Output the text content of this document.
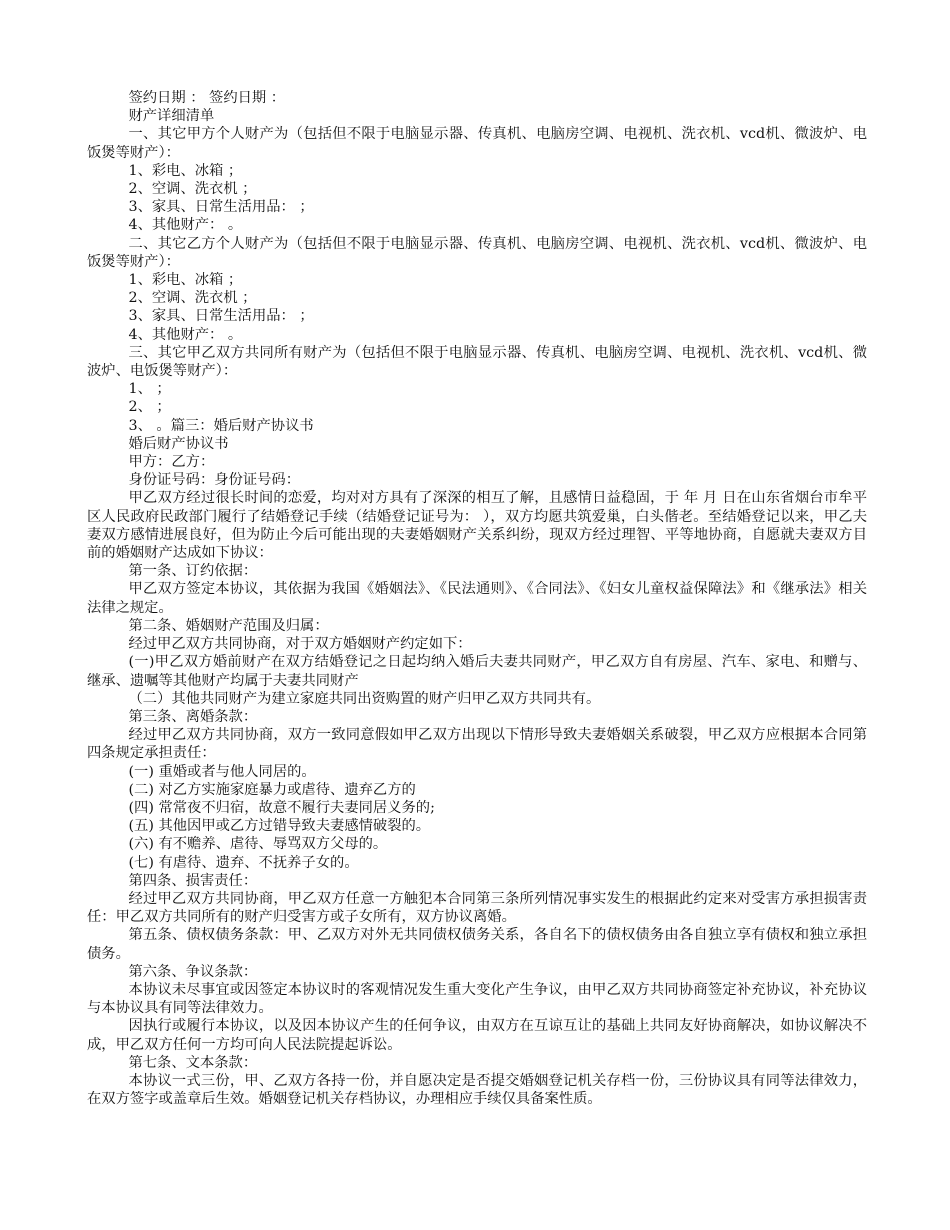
签约日期 ： 签约日期 ：

财产详细清单

一、其它甲方个人财产为（包括但不限于电脑显示器、传真机、电脑房空调、电视机、洗衣机、vcd机、微波炉、电饭煲等财产）：

1、彩电、冰箱 ；

2、空调、洗衣机 ；

3、家具、日常生活用品： ；

4、其他财产： 。

二、其它乙方个人财产为（包括但不限于电脑显示器、传真机、电脑房空调、电视机、洗衣机、vcd机、微波炉、电饭煲等财产）：

1、彩电、冰箱 ；

2、空调、洗衣机 ；

3、家具、日常生活用品： ；

4、其他财产： 。

三、其它甲乙双方共同所有财产为（包括但不限于电脑显示器、传真机、电脑房空调、电视机、洗衣机、vcd机、微波炉、电饭煲等财产）：

1、 ；

2、 ；

3、 。篇三：婚后财产协议书

婚后财产协议书

甲方：乙方：

身份证号码：身份证号码：

甲乙双方经过很长时间的恋爱，均对对方具有了深深的相互了解，且感情日益稳固，于 年 月 日在山东省烟台市牟平区人民政府民政部门履行了结婚登记手续（结婚登记证号为： ），双方均愿共筑爱巢，白头偕老。至结婚登记以来，甲乙夫妻双方感情进展良好，但为防止今后可能出现的夫妻婚姻财产关系纠纷，现双方经过理智、平等地协商，自愿就夫妻双方目前的婚姻财产达成如下协议：

第一条、订约依据：

甲乙双方签定本协议，其依据为我国《婚姻法》、《民法通则》、《合同法》、《妇女儿童权益保障法》和《继承法》相关法律之规定。

第二条、婚姻财产范围及归属：

经过甲乙双方共同协商，对于双方婚姻财产约定如下：

(一)甲乙双方婚前财产在双方结婚登记之日起均纳入婚后夫妻共同财产，甲乙双方自有房屋、汽车、家电、和赠与、继承、遗嘱等其他财产均属于夫妻共同财产

（二）其他共同财产为建立家庭共同出资购置的财产归甲乙双方共同共有。

第三条、离婚条款：

经过甲乙双方共同协商，双方一致同意假如甲乙双方出现以下情形导致夫妻婚姻关系破裂，甲乙双方应根据本合同第四条规定承担责任：

(一) 重婚或者与他人同居的。

(二) 对乙方实施家庭暴力或虐待、遗弃乙方的

(四) 常常夜不归宿，故意不履行夫妻同居义务的;

(五) 其他因甲或乙方过错导致夫妻感情破裂的。

(六) 有不赡养、虐待、辱骂双方父母的。

(七) 有虐待、遗弃、不抚养子女的。

第四条、损害责任：

经过甲乙双方共同协商，甲乙双方任意一方触犯本合同第三条所列情况事实发生的根据此约定来对受害方承担损害责任：甲乙双方共同所有的财产归受害方或子女所有，双方协议离婚。

第五条、债权债务条款：甲、乙双方对外无共同债权债务关系，各自名下的债权债务由各自独立享有债权和独立承担债务。

第六条、争议条款：

本协议未尽事宜或因签定本协议时的客观情况发生重大变化产生争议，由甲乙双方共同协商签定补充协议，补充协议与本协议具有同等法律效力。

因执行或履行本协议，以及因本协议产生的任何争议，由双方在互谅互让的基础上共同友好协商解决，如协议解决不成，甲乙双方任何一方均可向人民法院提起诉讼。

第七条、文本条款：

本协议一式三份，甲、乙双方各持一份，并自愿决定是否提交婚姻登记机关存档一份，三份协议具有同等法律效力，在双方签字或盖章后生效。婚姻登记机关存档协议，办理相应手续仅具备案性质。
